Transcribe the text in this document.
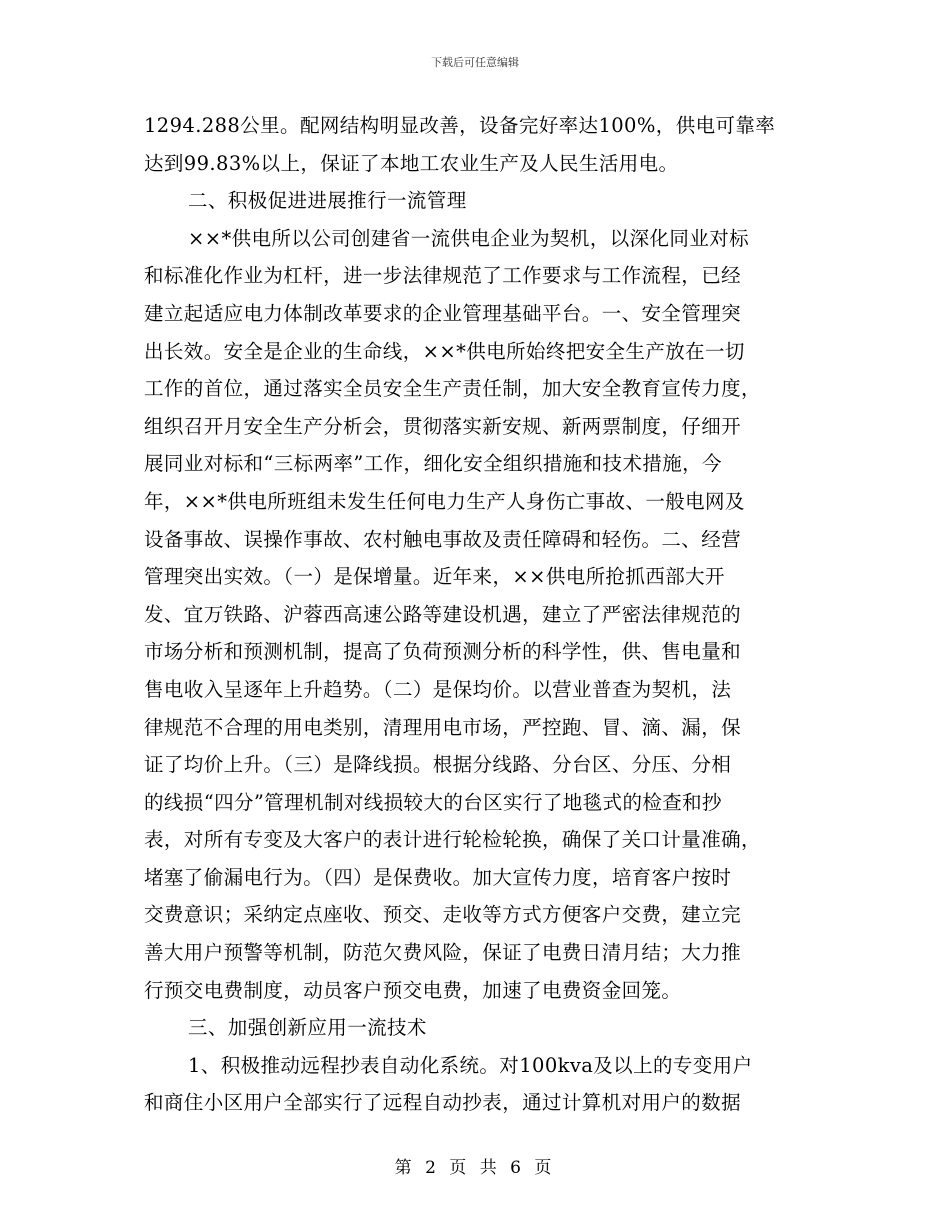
下载后可任意编辑
1294.288公里。配网结构明显改善，设备完好率达100%，供电可靠率
达到99.83%以上，保证了本地工农业生产及人民生活用电。
二、积极促进进展推行一流管理
××*供电所以公司创建省一流供电企业为契机，以深化同业对标
和标准化作业为杠杆，进一步法律规范了工作要求与工作流程，已经
建立起适应电力体制改革要求的企业管理基础平台。一、安全管理突
出长效。安全是企业的生命线，××*供电所始终把安全生产放在一切
工作的首位，通过落实全员安全生产责任制，加大安全教育宣传力度，
组织召开月安全生产分析会，贯彻落实新安规、新两票制度，仔细开
展同业对标和“三标两率”工作，细化安全组织措施和技术措施，今
年，××*供电所班组未发生任何电力生产人身伤亡事故、一般电网及
设备事故、误操作事故、农村触电事故及责任障碍和轻伤。二、经营
管理突出实效。（一）是保增量。近年来，××供电所抢抓西部大开
发、宜万铁路、沪蓉西高速公路等建设机遇，建立了严密法律规范的
市场分析和预测机制，提高了负荷预测分析的科学性，供、售电量和
售电收入呈逐年上升趋势。（二）是保均价。以营业普查为契机，法
律规范不合理的用电类别，清理用电市场，严控跑、冒、滴、漏，保
证了均价上升。（三）是降线损。根据分线路、分台区、分压、分相
的线损“四分”管理机制对线损较大的台区实行了地毯式的检查和抄
表，对所有专变及大客户的表计进行轮检轮换，确保了关口计量准确，
堵塞了偷漏电行为。（四）是保费收。加大宣传力度，培育客户按时
交费意识；采纳定点座收、预交、走收等方式方便客户交费，建立完
善大用户预警等机制，防范欠费风险，保证了电费日清月结；大力推
行预交电费制度，动员客户预交电费，加速了电费资金回笼。
三、加强创新应用一流技术
1、积极推动远程抄表自动化系统。对100kva及以上的专变用户
和商住小区用户全部实行了远程自动抄表，通过计算机对用户的数据
第 2 页 共 6 页
